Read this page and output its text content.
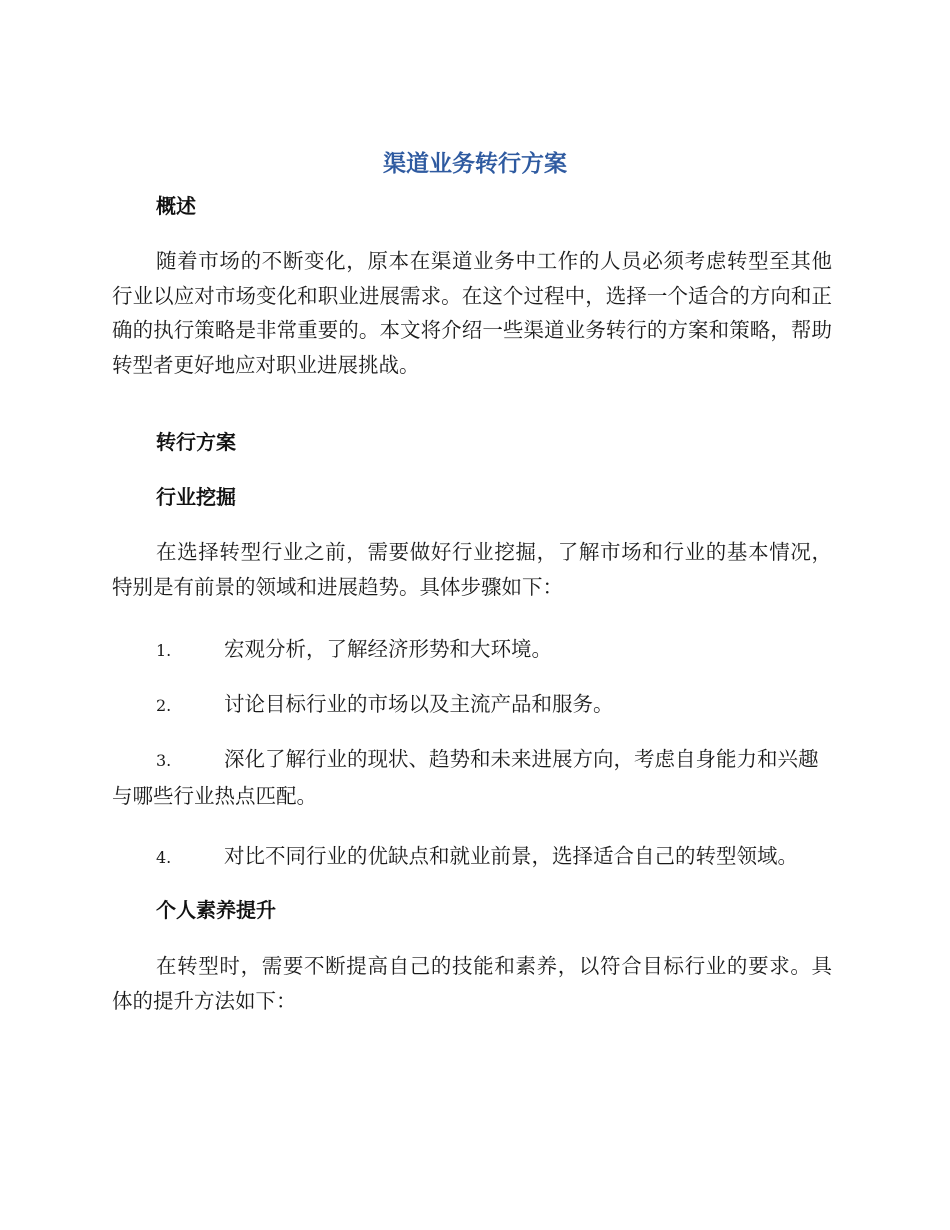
渠道业务转行方案
概述
随着市场的不断变化，原本在渠道业务中工作的人员必须考虑转型至其他行业以应对市场变化和职业进展需求。在这个过程中，选择一个适合的方向和正确的执行策略是非常重要的。本文将介绍一些渠道业务转行的方案和策略，帮助转型者更好地应对职业进展挑战。
转行方案
行业挖掘
在选择转型行业之前，需要做好行业挖掘，了解市场和行业的基本情况，特别是有前景的领域和进展趋势。具体步骤如下：
1.	宏观分析，了解经济形势和大环境。
2.	讨论目标行业的市场以及主流产品和服务。
3.	深化了解行业的现状、趋势和未来进展方向，考虑自身能力和兴趣与哪些行业热点匹配。
4.	对比不同行业的优缺点和就业前景，选择适合自己的转型领域。
个人素养提升
在转型时，需要不断提高自己的技能和素养，以符合目标行业的要求。具体的提升方法如下：
